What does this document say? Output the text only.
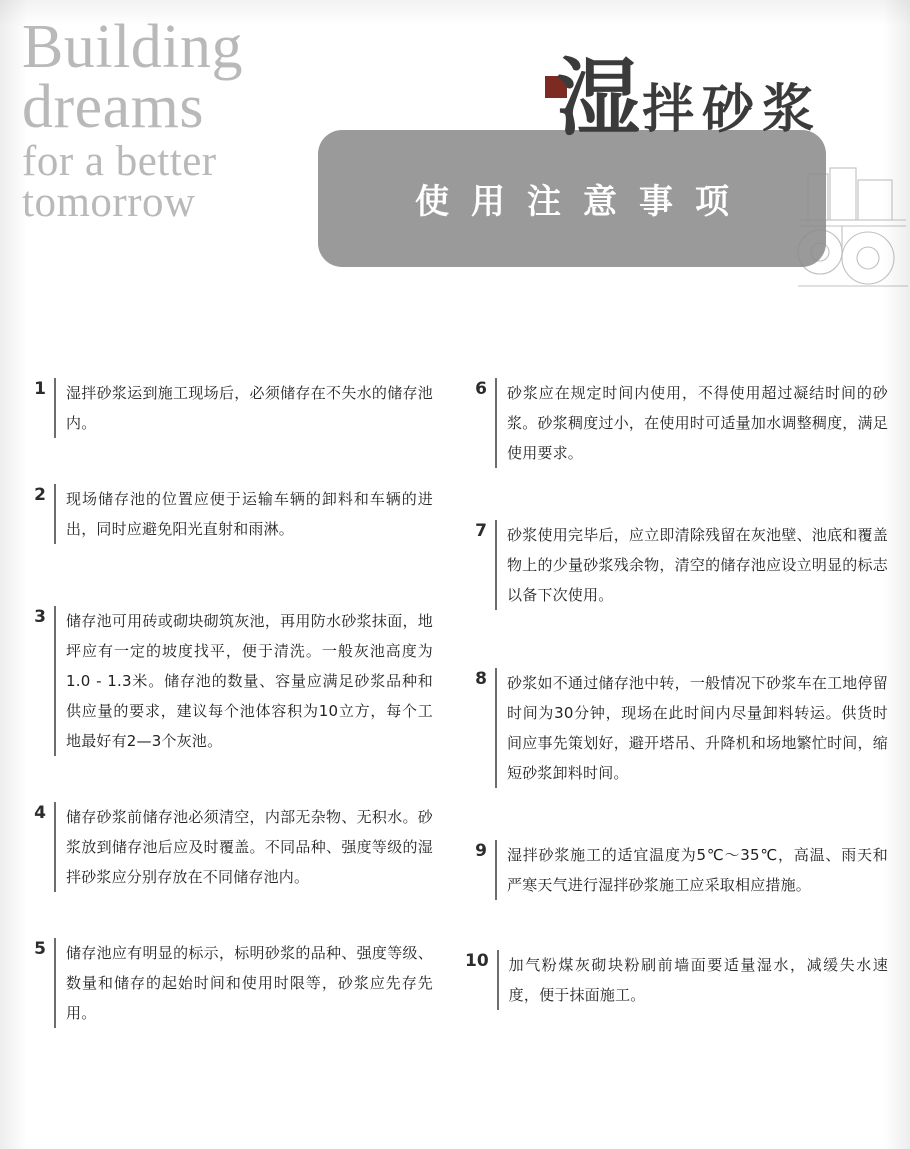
Building
dreams
for a better
tomorrow
湿拌砂浆
使用注意事项
1 湿拌砂浆运到施工现场后，必须储存在不失水的储存池内。
2 现场储存池的位置应便于运输车辆的卸料和车辆的进出，同时应避免阳光直射和雨淋。
3 储存池可用砖或砌块砌筑灰池，再用防水砂浆抹面，地坪应有一定的坡度找平，便于清洗。一般灰池高度为1.0 - 1.3米。储存池的数量、容量应满足砂浆品种和供应量的要求，建议每个池体容积为10立方，每个工地最好有2—3个灰池。
4 储存砂浆前储存池必须清空，内部无杂物、无积水。砂浆放到储存池后应及时覆盖。不同品种、强度等级的湿拌砂浆应分别存放在不同储存池内。
5 储存池应有明显的标示，标明砂浆的品种、强度等级、数量和储存的起始时间和使用时限等，砂浆应先存先用。
6 砂浆应在规定时间内使用，不得使用超过凝结时间的砂浆。砂浆稠度过小，在使用时可适量加水调整稠度，满足使用要求。
7 砂浆使用完毕后，应立即清除残留在灰池壁、池底和覆盖物上的少量砂浆残余物，清空的储存池应设立明显的标志以备下次使用。
8 砂浆如不通过储存池中转，一般情况下砂浆车在工地停留时间为30分钟，现场在此时间内尽量卸料转运。供货时间应事先策划好，避开塔吊、升降机和场地繁忙时间，缩短砂浆卸料时间。
9 湿拌砂浆施工的适宜温度为5℃～35℃，高温、雨天和严寒天气进行湿拌砂浆施工应采取相应措施。
10 加气粉煤灰砌块粉刷前墙面要适量湿水，减缓失水速度，便于抹面施工。
